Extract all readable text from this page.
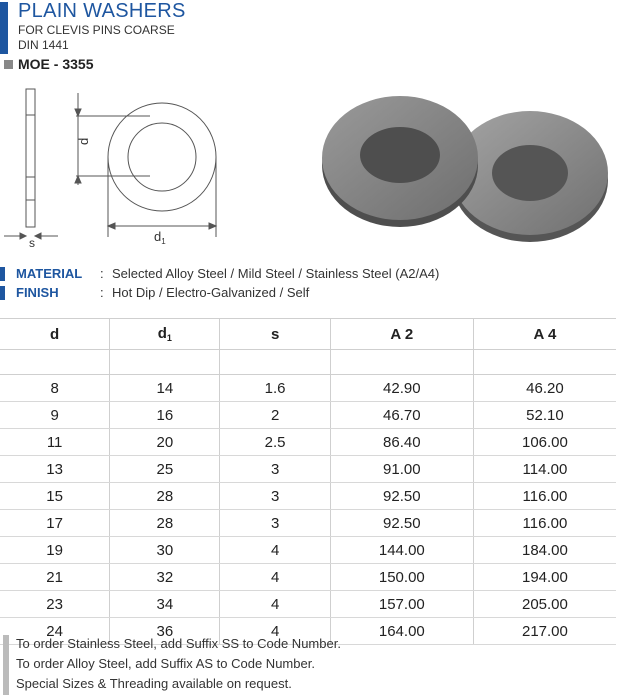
PLAIN WASHERS
FOR CLEVIS PINS COARSE
DIN 1441
MOE - 3355
d
$d_1$
s
MATERIAL : Selected Alloy Steel / Mild Steel / Stainless Steel (A2/A4)
FINISH	: Hot Dip / Electro-Galvanized / Self
d	$d_1$	s	A 2	A 4

8	14	1.6	42.90	46.20
9	16	2	46.70	52.10
11	20	2.5	86.40	106.00
13	25	3	91.00	114.00
15	28	3	92.50	116.00
17	28	3	92.50	116.00
19	30	4	144.00	184.00
21	32	4	150.00	194.00
23	34	4	157.00	205.00
24	36	4	164.00	217.00
To order Stainless Steel, add Suffix SS to Code Number.
To order Alloy Steel, add Suffix AS to Code Number.
Special Sizes & Threading available on request.
